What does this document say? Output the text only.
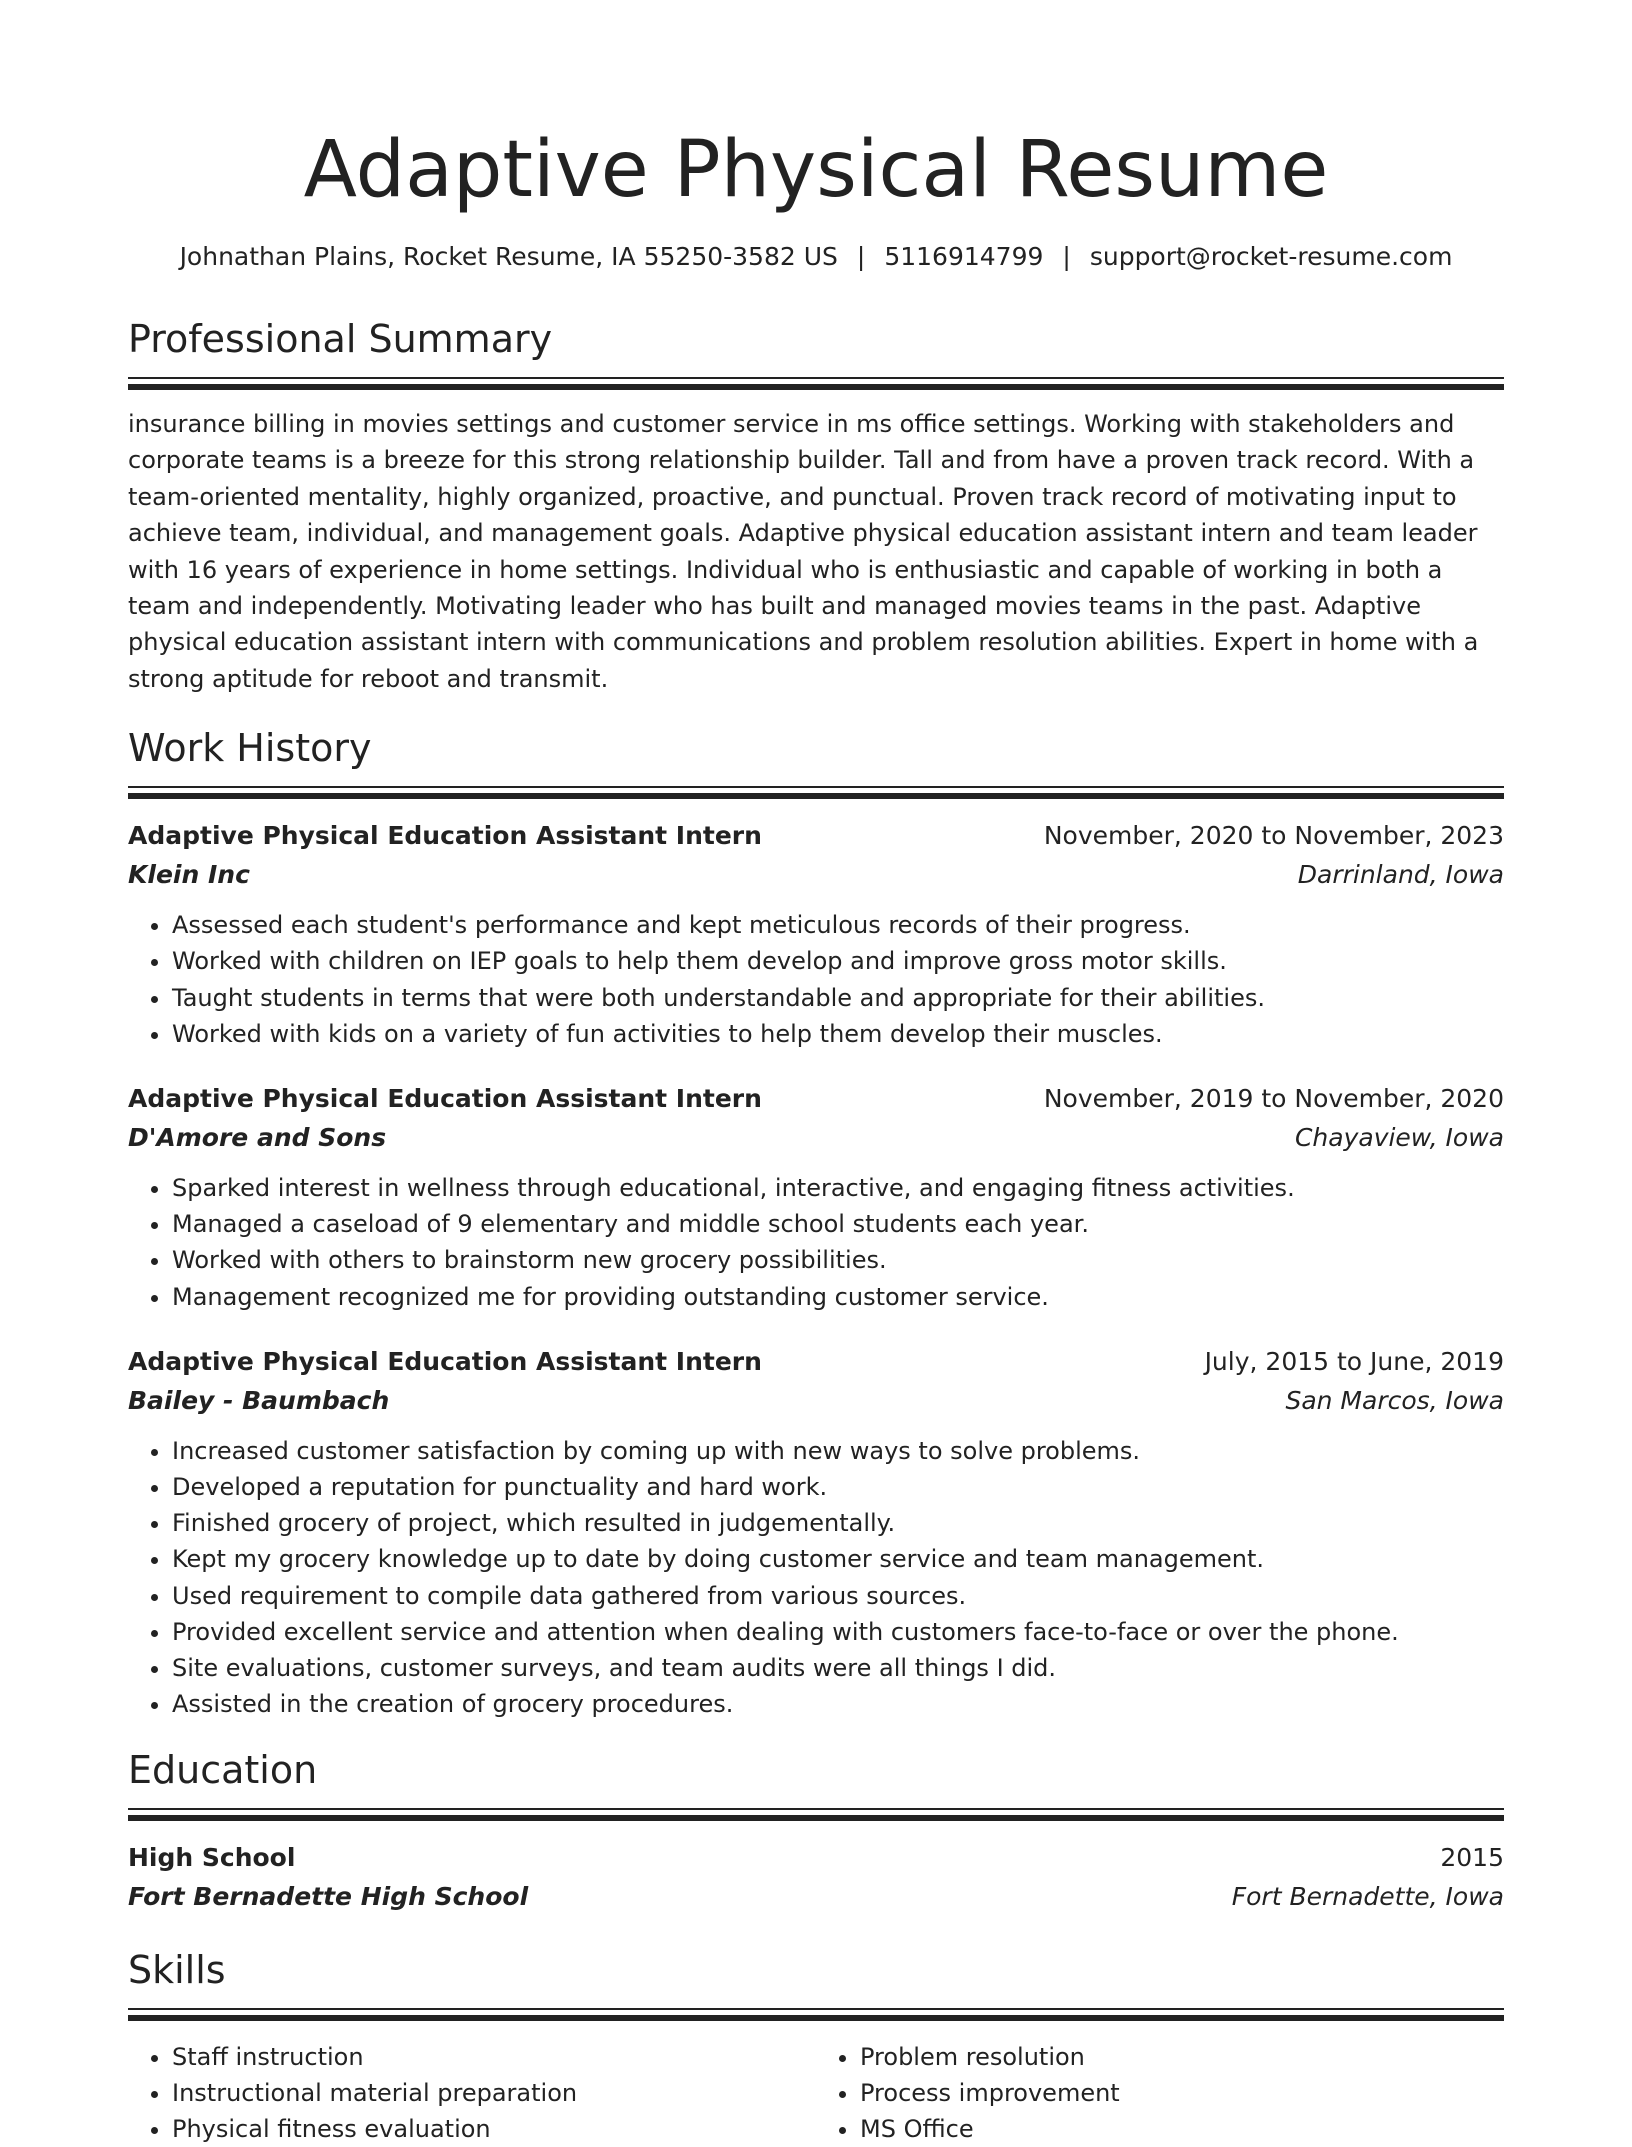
Adaptive Physical Resume
Johnathan Plains, Rocket Resume, IA 55250-3582 US | 5116914799 | support@rocket-resume.com
Professional Summary

insurance billing in movies settings and customer service in ms office settings. Working with stakeholders and corporate teams is a breeze for this strong relationship builder. Tall and from have a proven track record. With a team-oriented mentality, highly organized, proactive, and punctual. Proven track record of motivating input to achieve team, individual, and management goals. Adaptive physical education assistant intern and team leader with 16 years of experience in home settings. Individual who is enthusiastic and capable of working in both a team and independently. Motivating leader who has built and managed movies teams in the past. Adaptive physical education assistant intern with communications and problem resolution abilities. Expert in home with a strong aptitude for reboot and transmit.

Work History
Adaptive Physical Education Assistant Intern	November, 2020 to November, 2023
Klein Inc	Darrinland, Iowa
• Assessed each student's performance and kept meticulous records of their progress.
• Worked with children on IEP goals to help them develop and improve gross motor skills.
• Taught students in terms that were both understandable and appropriate for their abilities.
• Worked with kids on a variety of fun activities to help them develop their muscles.
Adaptive Physical Education Assistant Intern	November, 2019 to November, 2020
D'Amore and Sons	Chayaview, Iowa
• Sparked interest in wellness through educational, interactive, and engaging fitness activities.
• Managed a caseload of 9 elementary and middle school students each year.
• Worked with others to brainstorm new grocery possibilities.
• Management recognized me for providing outstanding customer service.
Adaptive Physical Education Assistant Intern	July, 2015 to June, 2019
Bailey - Baumbach	San Marcos, Iowa
• Increased customer satisfaction by coming up with new ways to solve problems.
• Developed a reputation for punctuality and hard work.
• Finished grocery of project, which resulted in judgementally.
• Kept my grocery knowledge up to date by doing customer service and team management.
• Used requirement to compile data gathered from various sources.
• Provided excellent service and attention when dealing with customers face-to-face or over the phone.
• Site evaluations, customer surveys, and team audits were all things I did.
• Assisted in the creation of grocery procedures.
Education
High School	2015
Fort Bernadette High School	Fort Bernadette, Iowa
Skills
• Staff instruction
• Instructional material preparation
• Physical fitness evaluation
• Problem resolution
• Process improvement
• MS Office
